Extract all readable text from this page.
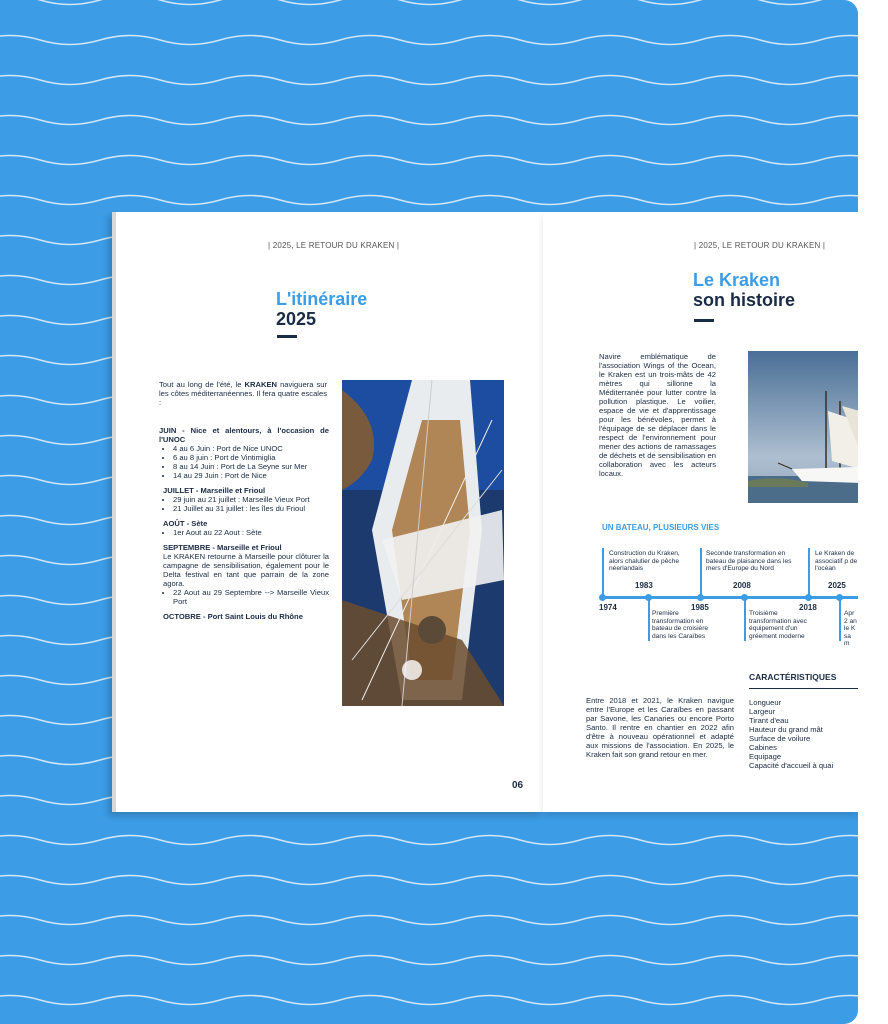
| 2025, LE RETOUR DU KRAKEN |
L'itinéraire
2025
Tout au long de l'été, le KRAKEN naviguera sur les côtes méditerranéennes. Il fera quatre escales :
JUIN - Nice et alentours, à l'occasion de l'UNOC
• 4 au 6 Juin : Port de Nice UNOC
• 6 au 8 juin : Port de Vintimiglia
• 8 au 14 Juin : Port de La Seyne sur Mer
• 14 au 29 Juin : Port de Nice
JUILLET - Marseille et Frioul
• 29 juin au 21 juillet : Marseille Vieux Port
• 21 Juillet au 31 juillet : les îles du Frioul
AOÛT - Sète
• 1er Aout au 22 Aout : Sète
SEPTEMBRE - Marseille et Frioul
Le KRAKEN retourne à Marseille pour clôturer la campagne de sensibilisation, également pour le Delta festival en tant que parrain de la zone agora.
• 22 Aout au 29 Septembre --> Marseille Vieux Port
OCTOBRE - Port Saint Louis du Rhône
06
| 2025, LE RETOUR DU KRAKEN |
Le Kraken
son histoire
Navire emblématique de l'association Wings of the Ocean, le Kraken est un trois-mâts de 42 mètres qui sillonne la Méditerranée pour lutter contre la pollution plastique. Le voilier, espace de vie et d'apprentissage pour les bénévoles, permet à l'équipage de se déplacer dans le respect de l'environnement pour mener des actions de ramassages de déchets et de sensibilisation en collaboration avec les acteurs locaux.
UN BATEAU, PLUSIEURS VIES
1974
Construction du Kraken, alors chalutier de pêche néerlandais
1983
Première transformation en bateau de croisière dans les Caraïbes
1985
Seconde transformation en bateau de plaisance dans les mers d'Europe du Nord
2008
Troisième transformation avec équipement d'un gréement moderne
2018
Le Kraken de associatif p de l'océan
2025
Apr 2 an le K sa m
CARACTÉRISTIQUES
Entre 2018 et 2021, le Kraken navigue entre l'Europe et les Caraïbes en passant par Savone, les Canaries ou encore Porto Santo. Il rentre en chantier en 2022 afin d'être à nouveau opérationnel et adapté aux missions de l'association. En 2025, le Kraken fait son grand retour en mer.
Longueur
Largeur
Tirant d'eau
Hauteur du grand mât
Surface de voilure
Cabines
Equipage
Capacité d'accueil à quai
